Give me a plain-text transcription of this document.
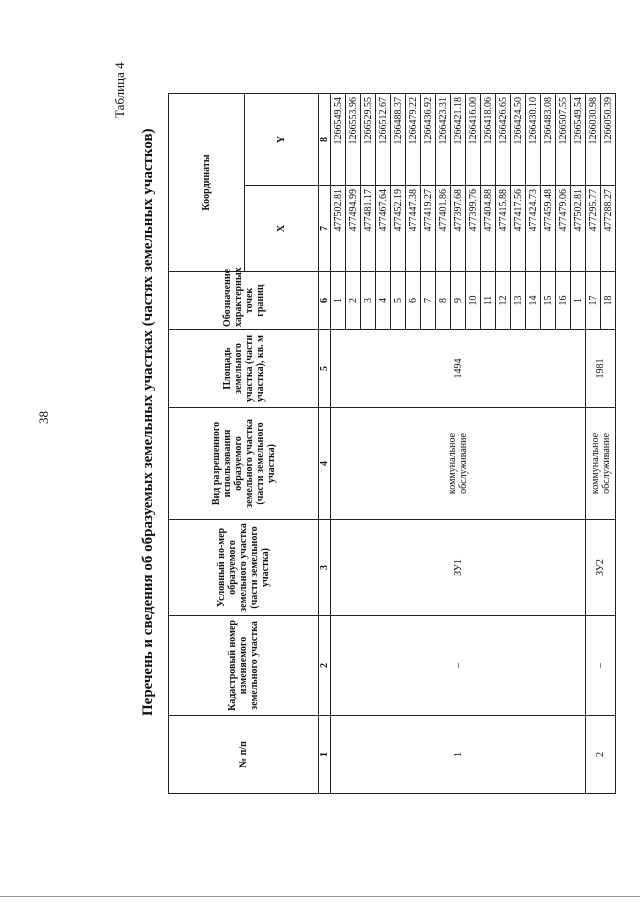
38
Таблица 4
Перечень и сведения об образуемых земельных участках (частях земельных участков)
№ п/п	Кадастровый номер изменяемого земельного участка	Условный но-мер образуемого земельного участка (части земельного участка)	Вид разрешенного использования образуемого земельного участка (части земельного участка)	Площадь земельного участка (части участка), кв. м	Обозначение характерных точек границ	Координаты	
						X	Y
1	2	3	4	5	6	7	8
1	–	ЗУ1	коммунальное обслуживание	1494	1	477502.81	1266549.54
					2	477494.99	1266553.96
					3	477481.17	1266529.55
					4	477467.64	1266512.67
					5	477452.19	1266488.37
					6	477447.38	1266479.22
					7	477419.27	1266436.92
					8	477401.86	1266423.31
					9	477397.68	1266421.18
					10	477399.76	1266416.00
					11	477404.88	1266418.06
					12	477415.88	1266426.65
					13	477417.56	1266424.50
					14	477424.73	1266430.10
					15	477459.48	1266483.08
					16	477479.06	1266507.55
					1	477502.81	1266549.54
2	–	ЗУ2	коммунальное обслуживание	1981	17	477295.77	1266030.98
					18	477288.27	1266050.39
